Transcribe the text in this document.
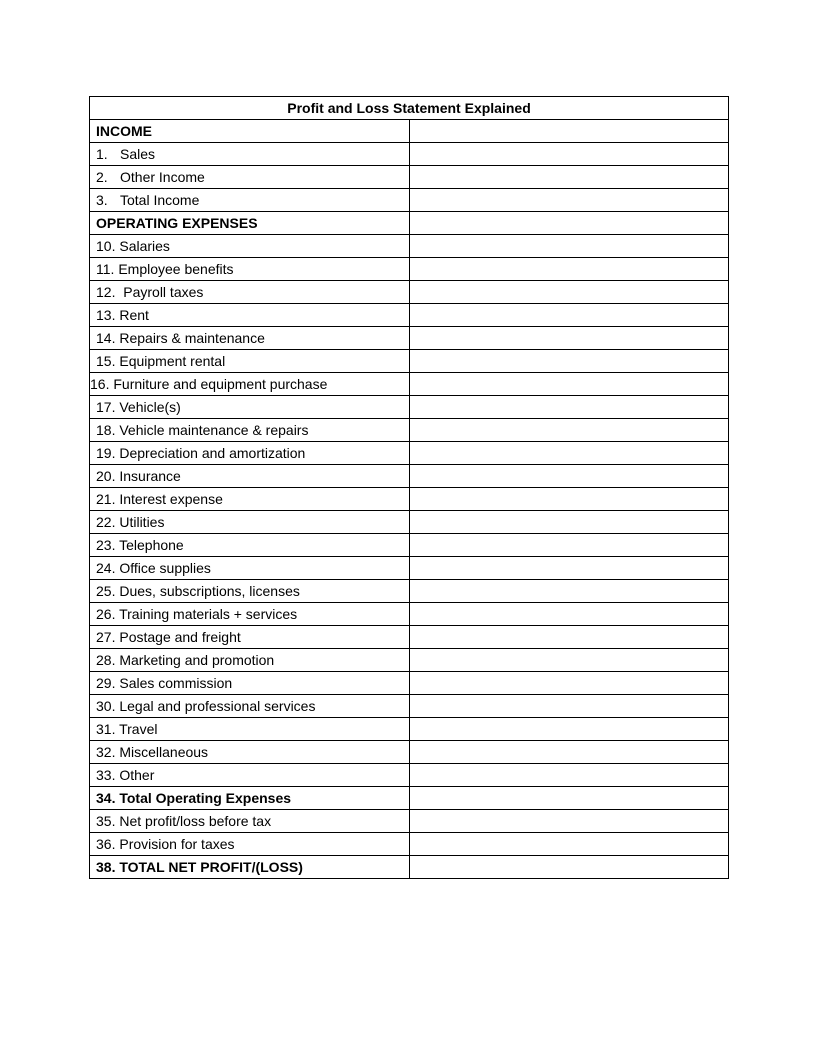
Profit and Loss Statement Explained	
INCOME	
1. Sales	
2. Other Income	
3. Total Income	
OPERATING EXPENSES	
10. Salaries	
11. Employee benefits	
12.  Payroll taxes	
13. Rent	
14. Repairs & maintenance	
15. Equipment rental	
16. Furniture and equipment purchase	
17. Vehicle(s)	
18. Vehicle maintenance & repairs	
19. Depreciation and amortization	
20. Insurance	
21. Interest expense	
22. Utilities	
23. Telephone	
24. Office supplies	
25. Dues, subscriptions, licenses	
26. Training materials + services	
27. Postage and freight	
28. Marketing and promotion	
29. Sales commission	
30. Legal and professional services	
31. Travel	
32. Miscellaneous	
33. Other	
34. Total Operating Expenses	
35. Net profit/loss before tax	
36. Provision for taxes	
38. TOTAL NET PROFIT/(LOSS)	
